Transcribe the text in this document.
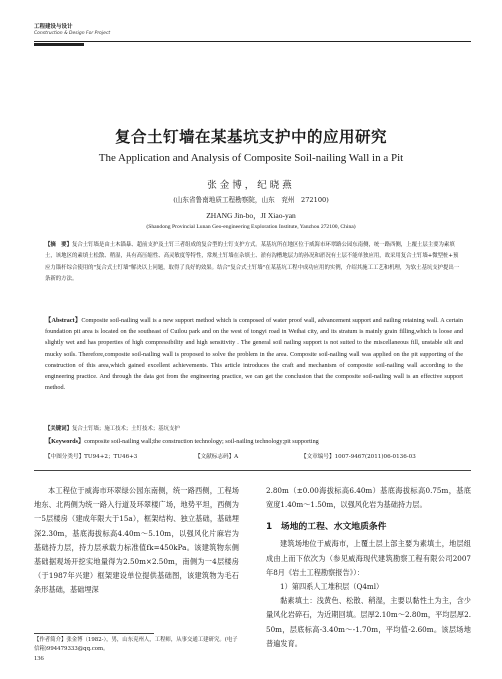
工程建设与设计
Construction & Design For Project
复合土钉墙在某基坑支护中的应用研究
The Application and Analysis of Composite Soil-nailing Wall in a Pit
张金博，纪晓燕
(山东省鲁南地质工程勘察院，山东　兖州　272100)
ZHANG Jin-bo，JI Xiao-yan
(Shandong Provincial Lunan Geo-engineering Exploration Institute, Yanzhou 272100, China)
【摘　要】复合土钉墙是由土木锚暴、超前支护及土钉三者组成的复合型的土钉支护方式。某基坑所在地区位于威海市环翠路公园东南侧，统一路西侧，上覆土层主要为素填土，该地区的素填土松散、稍湿，具有高压缩性、高灵敏度等特性，常规土钉墙在杂填土、淤有沟槽地层力的孙况和淤况有土层不能单独应用，故采用复合土钉墙+微型桩+预应力锚杆综合使用的"复合式土钉墙"解决以上问题，取得了良好的效果。结合"复合式土钉墙"在某基坑工程中成功应用的实例，介绍其施工工艺和机理，为软土基坑支护提出一条新的方法。
【Abstract】Composite soil-nailing wall is a new support method which is composed of water proof wall, advancement support and nailing retaining wall. A certain foundation pit area is located on the southeast of Cuilou park and on the west of tongyi road in Weihai city, and its stratum is mainly grain filling,which is loose and slightly wet and has properties of high compressibility and high sensitivity . The general soil nailing support is not suited to the miscellaneous fill, unstable silt and mucky soils. Therefore,composite soil-nailing wall is proposed to solve the problem in the area. Composite soil-nailing wall was applied on the pit supporting of the construction of this area,which gained excellent achievements. This article introduces the craft and mechanism of composite soil-nailing wall according to the engineering practice. And through the data got from the engineering practice, we can get the conclusion that the composite soil-nailing wall is an effective support method.
【关键词】复合土钉墙；施工技术；土钉技术；基坑支护
【Keywords】composite soil-nailing wall;the construction technology; soil-nailing technology;pit supporting
【中图分类号】TU94+2；TU46+3	【文献标志码】A	【文章编号】1007-9467(2011)06-0136-03
本工程位于威海市环翠绿公园东南侧，统一路西侧，工程场地东、北两侧为统一路入行道及环翠楼广场，地势平坦，西侧为一5层楼房（建成年限大于15a），框架结构、独立基础，基础埋深2.30m，基底海拔标高4.40m～5.10m，以强风化片麻岩为基础持力层，持力层承载力标准值fk=450kPa。该建筑物东侧基础据观场开挖实地量得为2.50m×2.50m，南侧为一4层楼房（于1987年兴建）框架建设单位提供基础图，该建筑物为毛石条形基础，基础埋深

2.80m（±0.00海拔标高6.40m）基底海拔标高0.75m，基底宽度1.40m～1.50m，以强风化岩为基础持力层。

1　场地的工程、水文地质条件

建筑场地位于威海市，上覆土层上部主要为素填土，地层组成由上而下依次为（参见威海现代建筑勘察工程有限公司2007年8月《岩土工程勘察报告》）：

1）第四系人工堆积层（Q4ml）

黏素填土：浅黄色、松散、稍湿，主要以黏性土为主，含少量风化岩碎石，为近期回填。层厚2.10m～2.80m，平均层厚2.50m，层底标高-3.40m～-1.70m，平均值-2.60m。该层场地普遍发育。

【作者简介】张金博（1982-），男，山东兖州人，工程师，从事交通工建研究。(电子信箱)994479333@qq.com。
136
